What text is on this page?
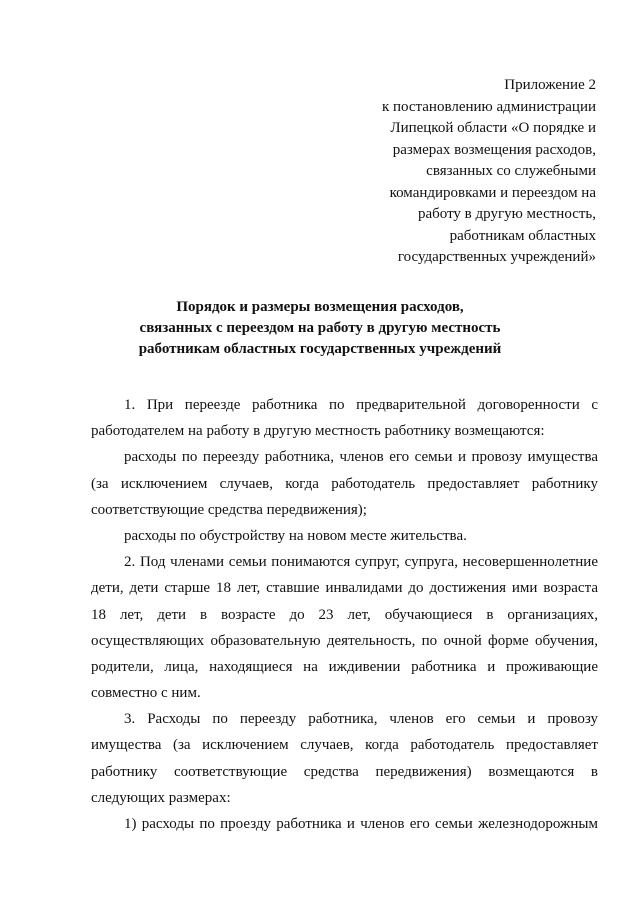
Приложение 2
к постановлению администрации
Липецкой области «О порядке и
размерах возмещения расходов,
связанных со служебными
командировками и переездом на
работу в другую местность,
работникам областных
государственных учреждений»
Порядок и размеры возмещения расходов,
связанных с переездом на работу в другую местность
работникам областных государственных учреждений
1. При переезде работника по предварительной договоренности с
работодателем на работу в другую местность работнику возмещаются:
расходы по переезду работника, членов его семьи и провозу имущества
(за исключением случаев, когда работодатель предоставляет работнику
соответствующие средства передвижения);
расходы по обустройству на новом месте жительства.
2. Под членами семьи понимаются супруг, супруга, несовершеннолетние
дети, дети старше 18 лет, ставшие инвалидами до достижения ими возраста
18 лет, дети в возрасте до 23 лет, обучающиеся в организациях,
осуществляющих образовательную деятельность, по очной форме обучения,
родители, лица, находящиеся на иждивении работника и проживающие
совместно с ним.
3. Расходы по переезду работника, членов его семьи и провозу
имущества (за исключением случаев, когда работодатель предоставляет
работнику соответствующие средства передвижения) возмещаются в
следующих размерах:
1) расходы по проезду работника и членов его семьи железнодорожным
